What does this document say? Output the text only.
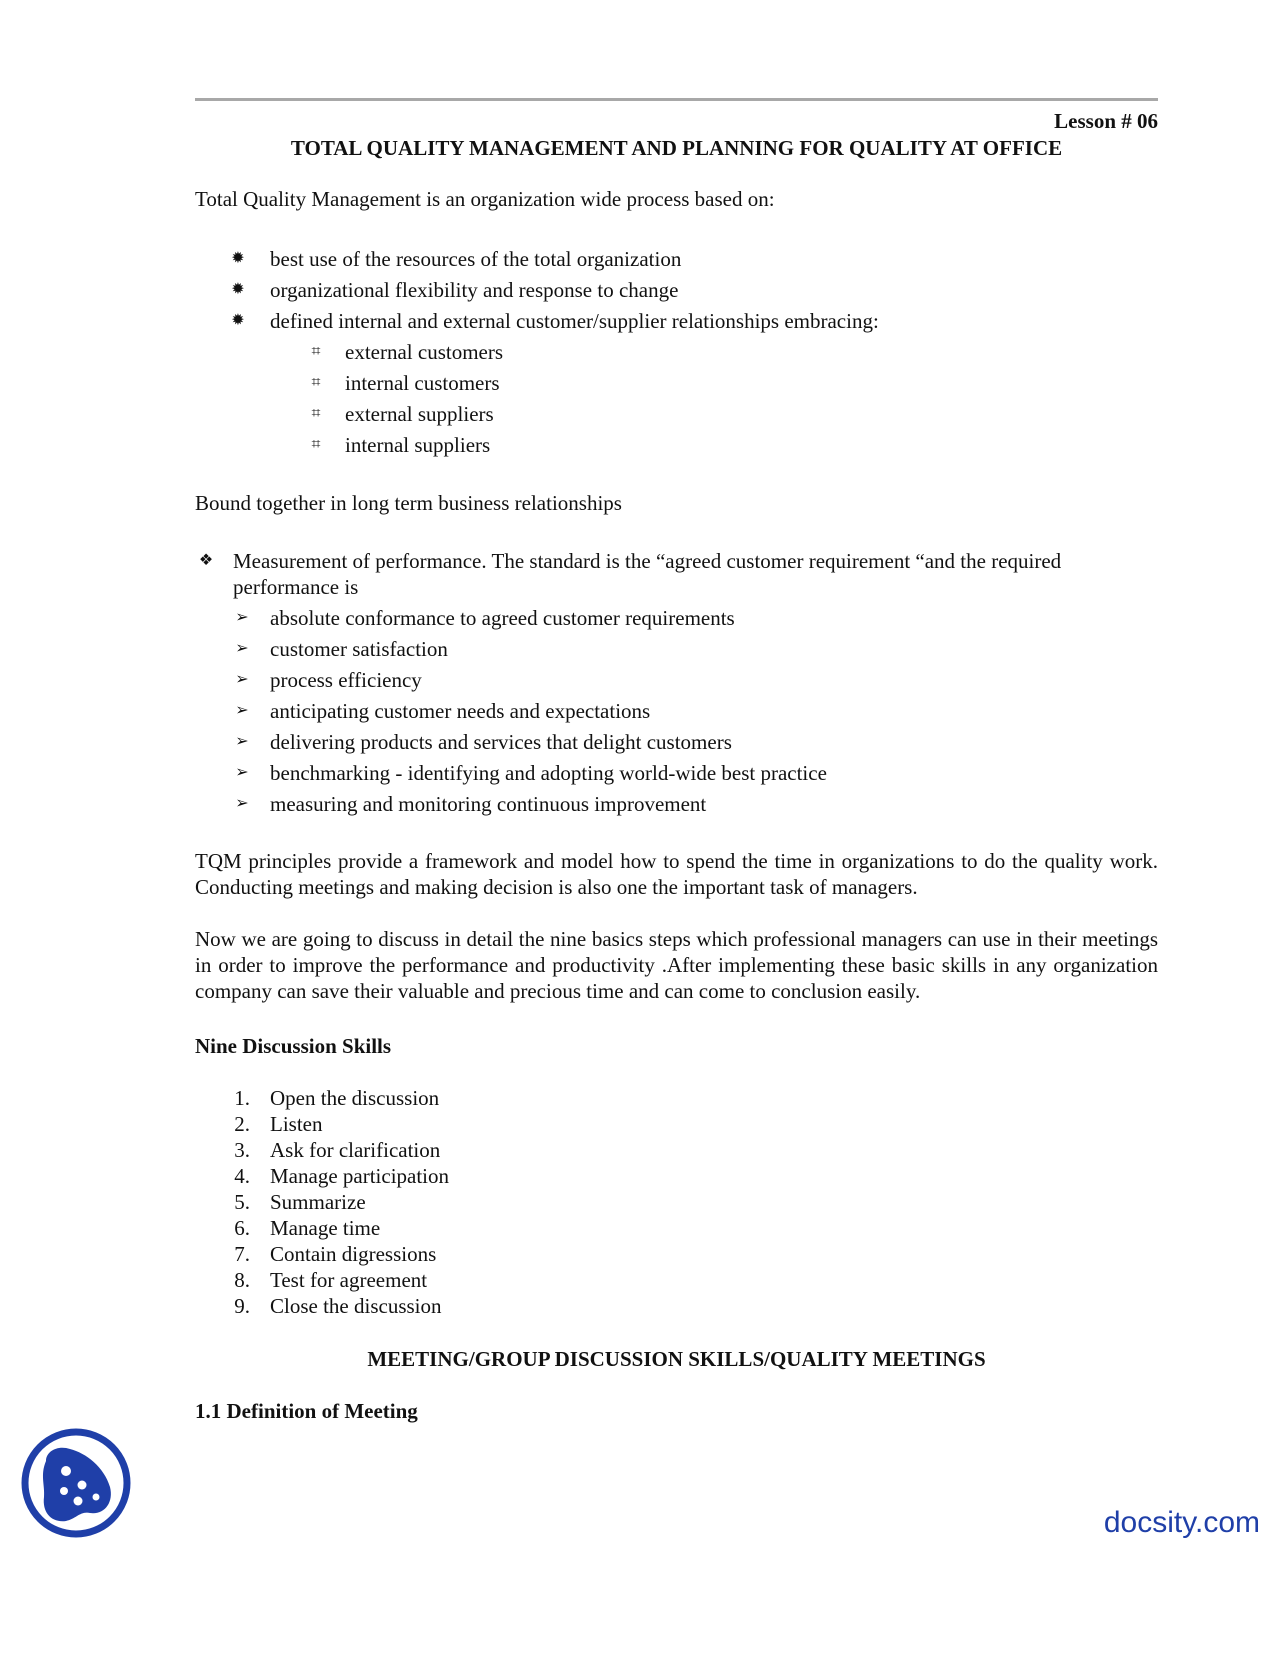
Lesson # 06
TOTAL QUALITY MANAGEMENT AND PLANNING FOR QUALITY AT OFFICE
Total Quality Management is an organization wide process based on:
✹ best use of the resources of the total organization
✹ organizational flexibility and response to change
✹ defined internal and external customer/supplier relationships embracing:
⌗ external customers
⌗ internal customers
⌗ external suppliers
⌗ internal suppliers
Bound together in long term business relationships
❖ Measurement of performance. The standard is the “agreed customer requirement “and the required
performance is
➢ absolute conformance to agreed customer requirements
➢ customer satisfaction
➢ process efficiency
➢ anticipating customer needs and expectations
➢ delivering products and services that delight customers
➢ benchmarking - identifying and adopting world-wide best practice
➢ measuring and monitoring continuous improvement
TQM principles provide a framework and model how to spend the time in organizations to do the quality work. Conducting meetings and making decision is also one the important task of managers.
Now we are going to discuss in detail the nine basics steps which professional managers can use in their meetings in order to improve the performance and productivity .After implementing these basic skills in any organization company can save their valuable and precious time and can come to conclusion easily.
Nine Discussion Skills
1. Open the discussion
2. Listen
3. Ask for clarification
4. Manage participation
5. Summarize
6. Manage time
7. Contain digressions
8. Test for agreement
9. Close the discussion
MEETING/GROUP DISCUSSION SKILLS/QUALITY MEETINGS
1.1 Definition of Meeting
docsity.com
